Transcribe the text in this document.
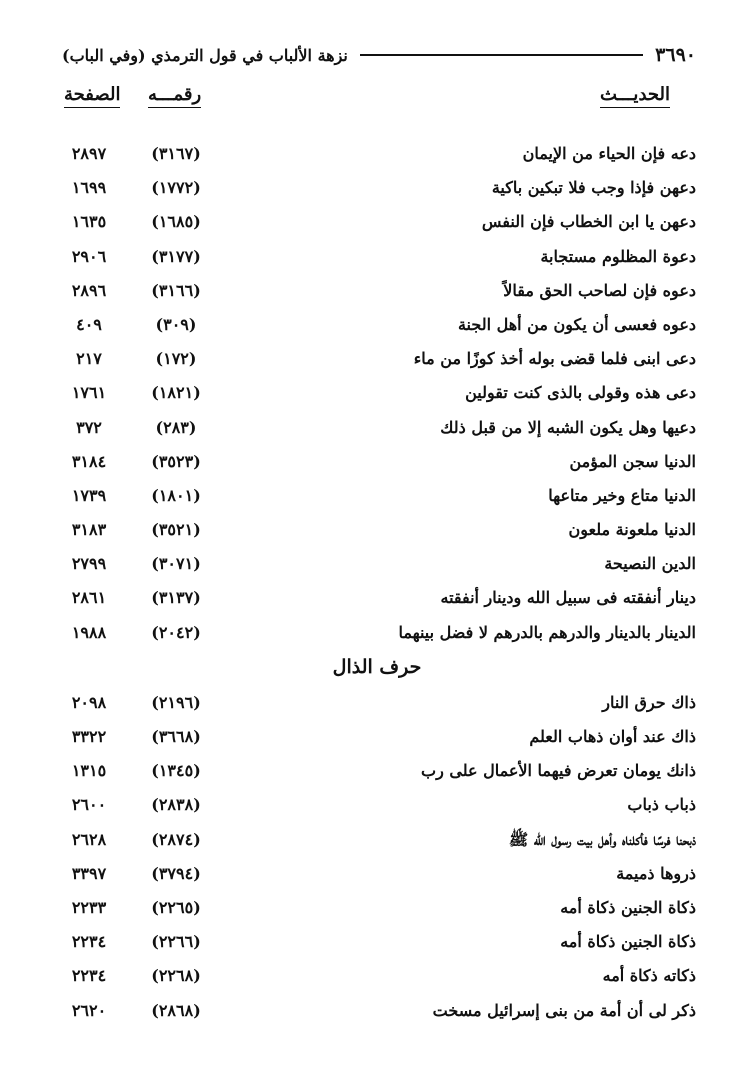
٣٦٩٠
نزهة الألباب في قول الترمذي (وفي الباب)
الحديـــث
رقمـــه
الصفحة
دعه فإن الحياء من الإيمان
(٣١٦٧)
٢٨٩٧
دعهن فإذا وجب فلا تبكين باكية
(١٧٧٢)
١٦٩٩
دعهن يا ابن الخطاب فإن النفس
(١٦٨٥)
١٦٣٥
دعوة المظلوم مستجابة
(٣١٧٧)
٢٩٠٦
دعوه فإن لصاحب الحق مقالاً
(٣١٦٦)
٢٨٩٦
دعوه فعسى أن يكون من أهل الجنة
(٣٠٩)
٤٠٩
دعى ابنى فلما قضى بوله أخذ كوزًا من ماء
(١٧٢)
٢١٧
دعى هذه وقولى بالذى كنت تقولين
(١٨٢١)
١٧٦١
دعيها وهل يكون الشبه إلا من قبل ذلك
(٢٨٣)
٣٧٢
الدنيا سجن المؤمن
(٣٥٢٣)
٣١٨٤
الدنيا متاع وخير متاعها
(١٨٠١)
١٧٣٩
الدنيا ملعونة ملعون
(٣٥٢١)
٣١٨٣
الدين النصيحة
(٣٠٧١)
٢٧٩٩
دينار أنفقته فى سبيل الله ودينار أنفقته
(٣١٣٧)
٢٨٦١
الدينار بالدينار والدرهم بالدرهم لا فضل بينهما
(٢٠٤٢)
١٩٨٨
حرف الذال
ذاك حرق النار
(٢١٩٦)
٢٠٩٨
ذاك عند أوان ذهاب العلم
(٣٦٦٨)
٣٣٢٢
ذانك يومان تعرض فيهما الأعمال على رب
(١٣٤٥)
١٣١٥
ذباب ذباب
(٢٨٣٨)
٢٦٠٠
ذبحنا فرسًا فأكلناه وأهل بيت رسول الله ﷺ
(٢٨٧٤)
٢٦٢٨
ذروها ذميمة
(٣٧٩٤)
٣٣٩٧
ذكاة الجنين ذكاة أمه
(٢٢٦٥)
٢٢٣٣
ذكاة الجنين ذكاة أمه
(٢٢٦٦)
٢٢٣٤
ذكاته ذكاة أمه
(٢٢٦٨)
٢٢٣٤
ذكر لى أن أمة من بنى إسرائيل مسخت
(٢٨٦٨)
٢٦٢٠
